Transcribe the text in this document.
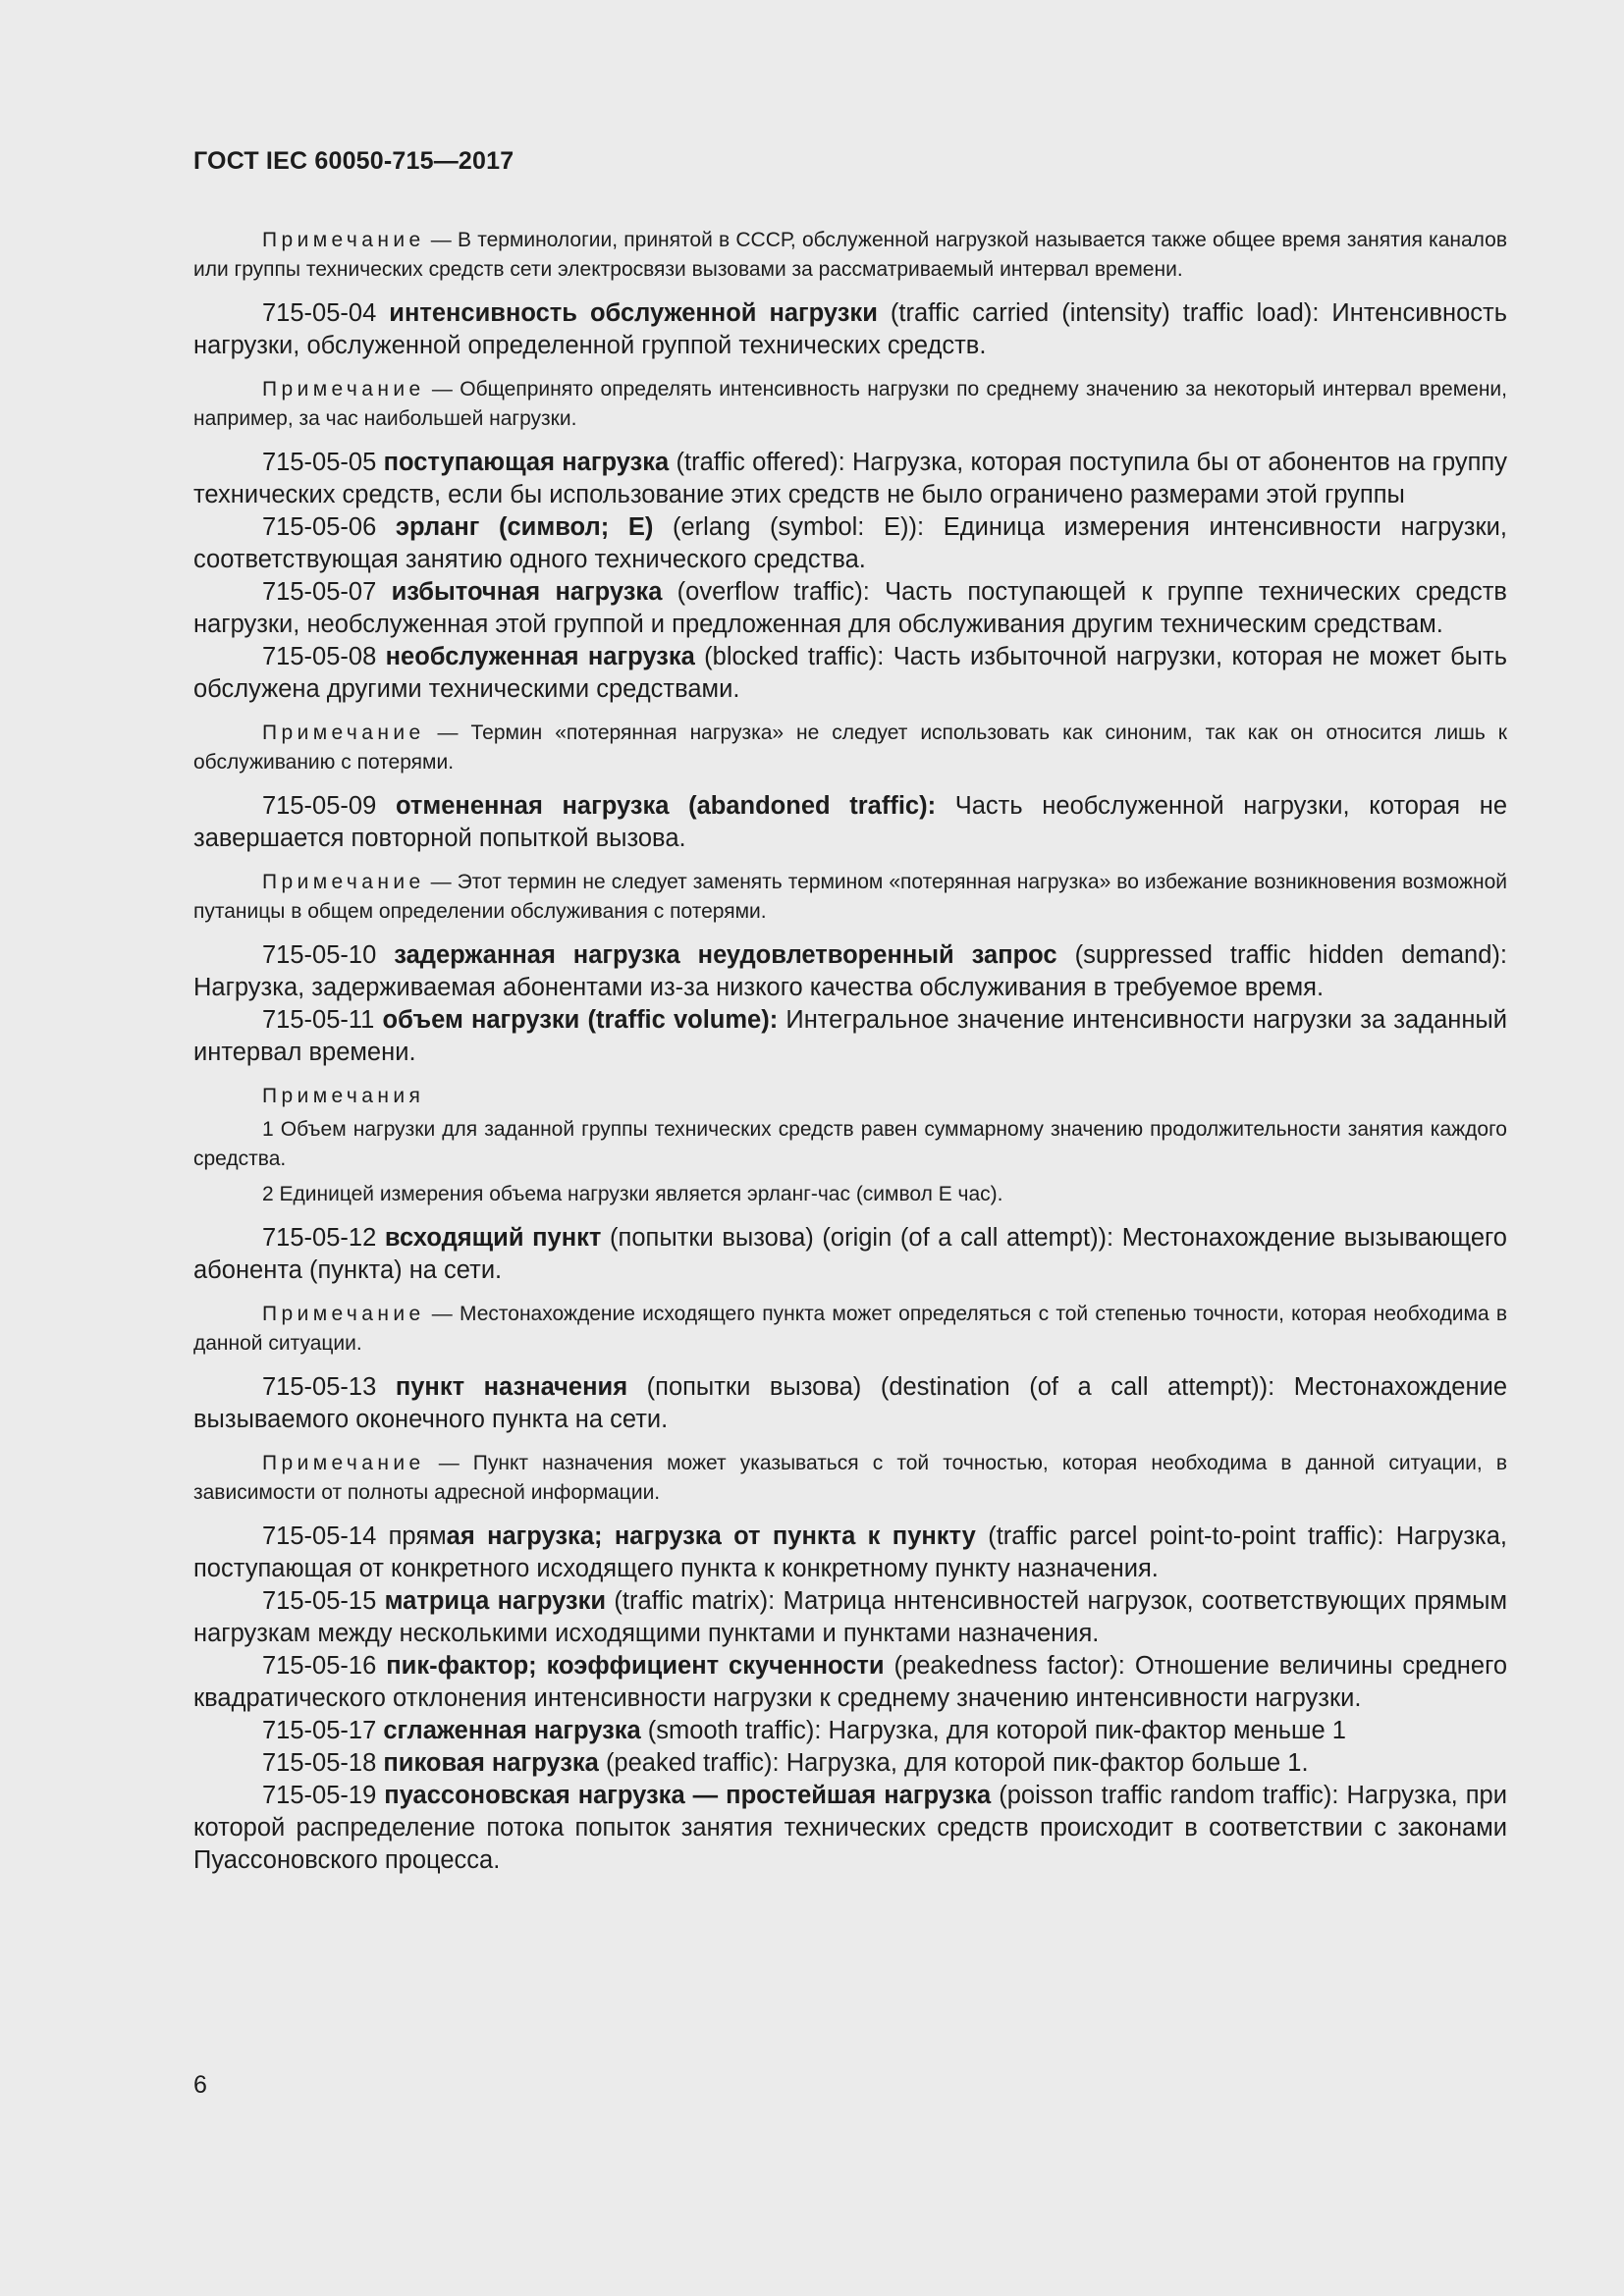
ГОСТ IEC 60050-715—2017

Примечание — В терминологии, принятой в СССР, обслуженной нагрузкой называется также общее время занятия каналов или группы технических средств сети электросвязи вызовами за рассматриваемый интервал времени.

715-05-04 интенсивность обслуженной нагрузки (traffic carried (intensity) traffic load): Интенсивность нагрузки, обслуженной определенной группой технических средств.

Примечание — Общепринято определять интенсивность нагрузки по среднему значению за некоторый интервал времени, например, за час наибольшей нагрузки.

715-05-05 поступающая нагрузка (traffic offered): Нагрузка, которая поступила бы от абонентов на группу технических средств, если бы использование этих средств не было ограничено размерами этой группы

715-05-06 эрланг (символ; Е) (erlang (symbol: E)): Единица измерения интенсивности нагрузки, соответствующая занятию одного технического средства.

715-05-07 избыточная нагрузка (overflow traffic): Часть поступающей к группе технических средств нагрузки, необслуженная этой группой и предложенная для обслуживания другим техническим средствам.

715-05-08 необслуженная нагрузка (blocked traffic): Часть избыточной нагрузки, которая не может быть обслужена другими техническими средствами.

Примечание — Термин «потерянная нагрузка» не следует использовать как синоним, так как он относится лишь к обслуживанию с потерями.

715-05-09 отмененная нагрузка (abandoned traffic): Часть необслуженной нагрузки, которая не завершается повторной попыткой вызова.

Примечание — Этот термин не следует заменять термином «потерянная нагрузка» во избежание возникновения возможной путаницы в общем определении обслуживания с потерями.

715-05-10 задержанная нагрузка неудовлетворенный запрос (suppressed traffic hidden demand): Нагрузка, задерживаемая абонентами из-за низкого качества обслуживания в требуемое время.

715-05-11 объем нагрузки (traffic volume): Интегральное значение интенсивности нагрузки за заданный интервал времени.

Примечания

1 Объем нагрузки для заданной группы технических средств равен суммарному значению продолжительности занятия каждого средства.

2 Единицей измерения объема нагрузки является эрланг-час (символ Е час).

715-05-12 всходящий пункт (попытки вызова) (origin (of a call attempt)): Местонахождение вызывающего абонента (пункта) на сети.

Примечание — Местонахождение исходящего пункта может определяться с той степенью точности, которая необходима в данной ситуации.

715-05-13 пункт назначения (попытки вызова) (destination (of a call attempt)): Местонахождение вызываемого оконечного пункта на сети.

Примечание — Пункт назначения может указываться с той точностью, которая необходима в данной ситуации, в зависимости от полноты адресной информации.

715-05-14 прямая нагрузка; нагрузка от пункта к пункту (traffic parcel point-to-point traffic): Нагрузка, поступающая от конкретного исходящего пункта к конкретному пункту назначения.

715-05-15 матрица нагрузки (traffic matrix): Матрица ннтенсивностей нагрузок, соответствующих прямым нагрузкам между несколькими исходящими пунктами и пунктами назначения.

715-05-16 пик-фактор; коэффициент скученности (peakedness factor): Отношение величины среднего квадратического отклонения интенсивности нагрузки к среднему значению интенсивности нагрузки.

715-05-17 сглаженная нагрузка (smooth traffic): Нагрузка, для которой пик-фактор меньше 1

715-05-18 пиковая нагрузка (peaked traffic): Нагрузка, для которой пик-фактор больше 1.

715-05-19 пуассоновская нагрузка — простейшая нагрузка (poisson traffic random traffic): Нагрузка, при которой распределение потока попыток занятия технических средств происходит в соответствии с законами Пуассоновского процесса.

6
